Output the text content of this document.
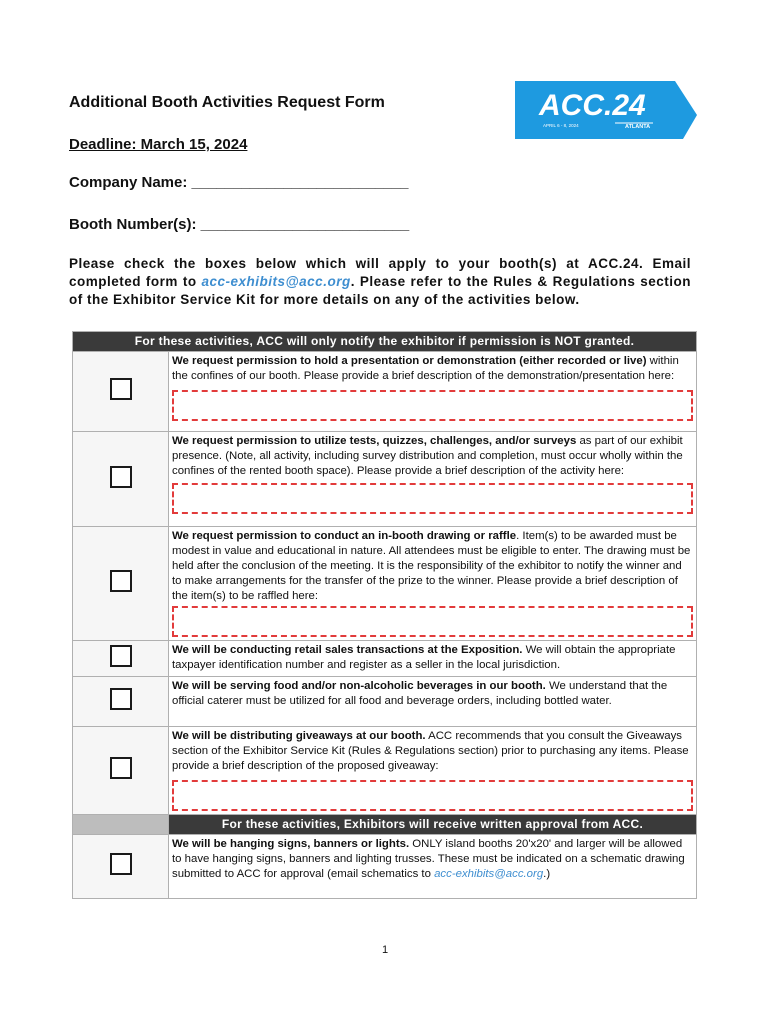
Additional Booth Activities Request Form	ACC.24
APRIL 6 - 8, 2024	ATLANTA
Deadline: March 15, 2024
Company Name: __________________________
Booth Number(s): _________________________
Please check the boxes below which will apply to your booth(s) at ACC.24. Email completed form to acc-exhibits@acc.org. Please refer to the Rules & Regulations section of the Exhibitor Service Kit for more details on any of the activities below.
For these activities, ACC will only notify the exhibitor if permission is NOT granted.	
	We request permission to hold a presentation or demonstration (either recorded or live) within the confines of our booth. Please provide a brief description of the demonstration/presentation here:

	We request permission to utilize tests, quizzes, challenges, and/or surveys as part of our exhibit presence. (Note, all activity, including survey distribution and completion, must occur wholly within the confines of the rented booth space). Please provide a brief description of the activity here:

	We request permission to conduct an in-booth drawing or raffle. Item(s) to be awarded must be modest in value and educational in nature. All attendees must be eligible to enter. The drawing must be held after the conclusion of the meeting. It is the responsibility of the exhibitor to notify the winner and to make arrangements for the transfer of the prize to the winner. Please provide a brief description of the item(s) to be raffled here:

	We will be conducting retail sales transactions at the Exposition. We will obtain the appropriate taxpayer identification number and register as a seller in the local jurisdiction.
	We will be serving food and/or non-alcoholic beverages in our booth. We understand that the official caterer must be utilized for all food and beverage orders, including bottled water.
	We will be distributing giveaways at our booth. ACC recommends that you consult the Giveaways section of the Exhibitor Service Kit (Rules & Regulations section) prior to purchasing any items. Please provide a brief description of the proposed giveaway:

	For these activities, Exhibitors will receive written approval from ACC.
	We will be hanging signs, banners or lights. ONLY island booths 20'x20' and larger will be allowed to have hanging signs, banners and lighting trusses. These must be indicated on a schematic drawing submitted to ACC for approval (email schematics to acc-exhibits@acc.org.)
1
